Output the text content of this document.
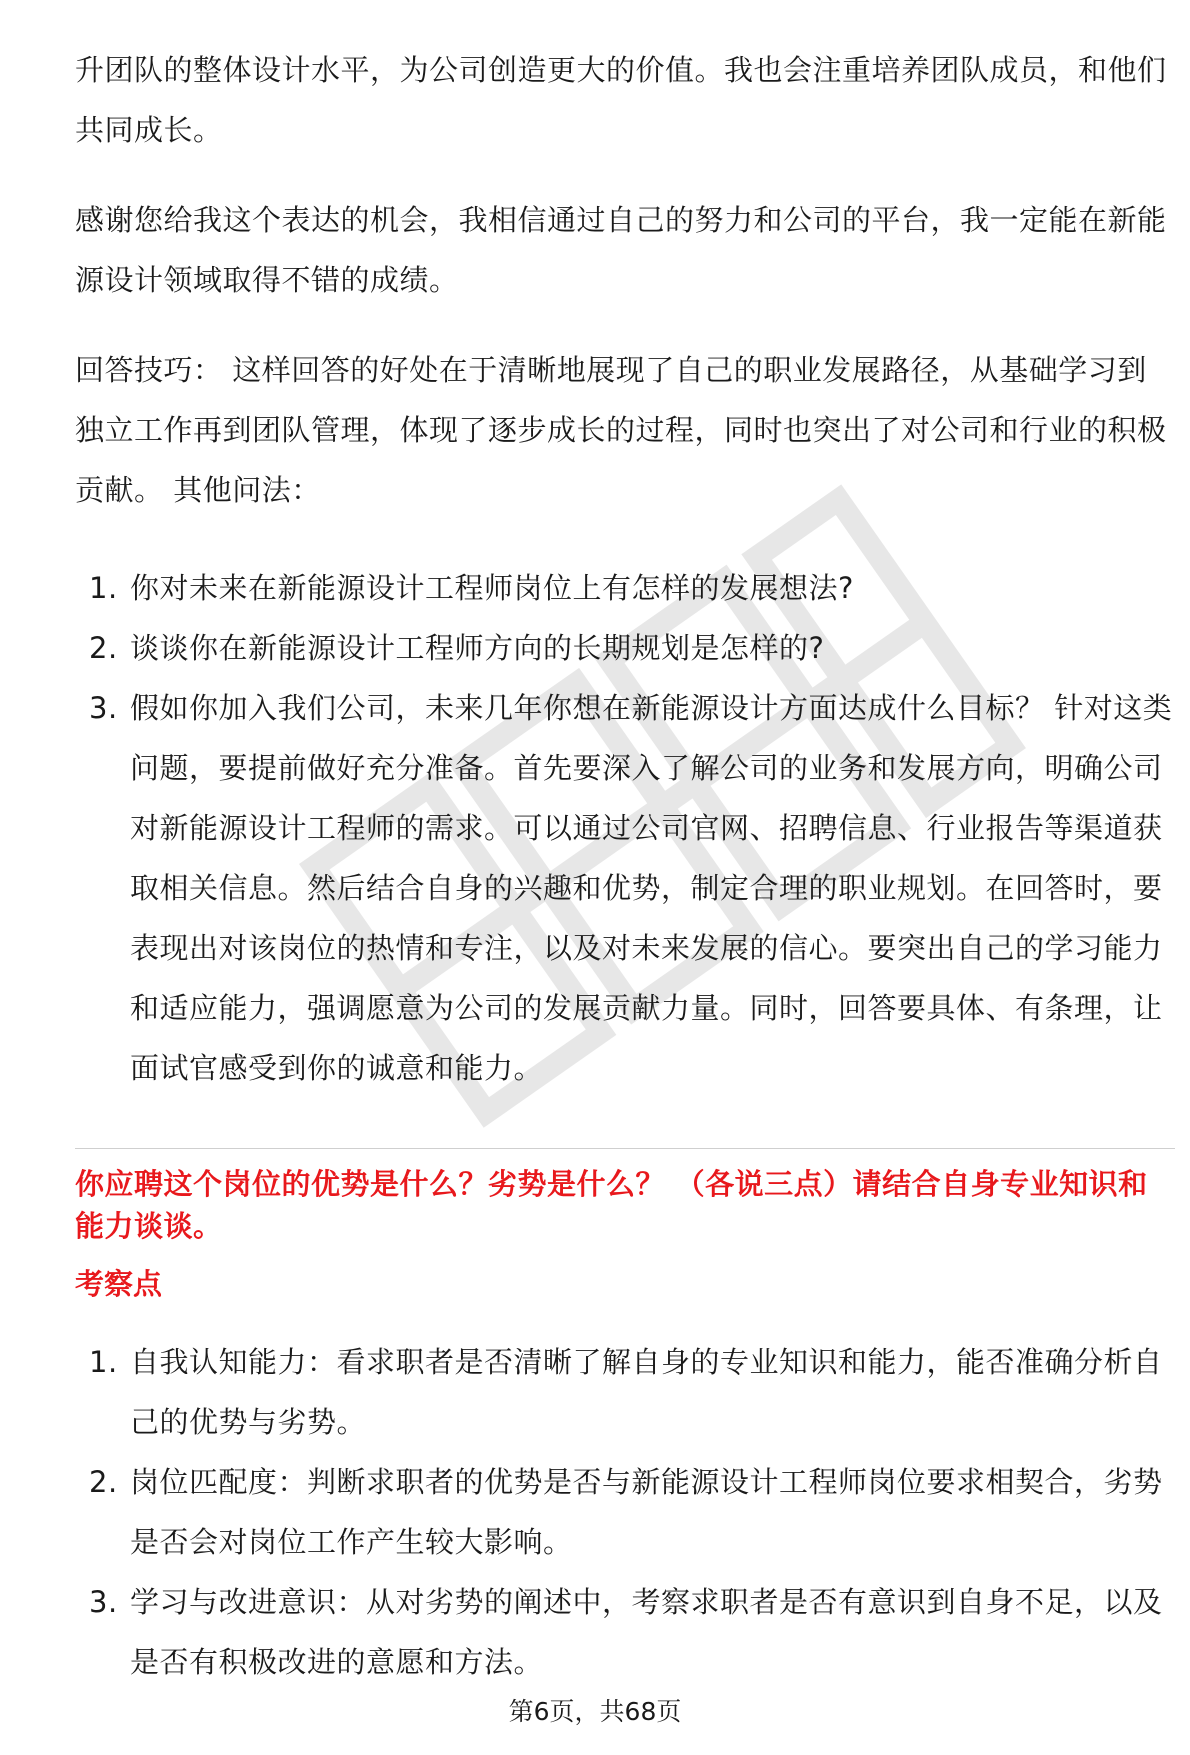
升团队的整体设计水平，为公司创造更大的价值。我也会注重培养团队成员，和他们共同成长。
感谢您给我这个表达的机会，我相信通过自己的努力和公司的平台，我一定能在新能源设计领域取得不错的成绩。
回答技巧： 这样回答的好处在于清晰地展现了自己的职业发展路径，从基础学习到独立工作再到团队管理，体现了逐步成长的过程，同时也突出了对公司和行业的积极贡献。 其他问法：
1. 你对未来在新能源设计工程师岗位上有怎样的发展想法?
2. 谈谈你在新能源设计工程师方向的长期规划是怎样的?
3. 假如你加入我们公司，未来几年你想在新能源设计方面达成什么目标？ 针对这类问题，要提前做好充分准备。首先要深入了解公司的业务和发展方向，明确公司对新能源设计工程师的需求。可以通过公司官网、招聘信息、行业报告等渠道获取相关信息。然后结合自身的兴趣和优势，制定合理的职业规划。在回答时，要表现出对该岗位的热情和专注，以及对未来发展的信心。要突出自己的学习能力和适应能力，强调愿意为公司的发展贡献力量。同时，回答要具体、有条理，让面试官感受到你的诚意和能力。
你应聘这个岗位的优势是什么？劣势是什么？ （各说三点）请结合自身专业知识和能力谈谈。
考察点
1. 自我认知能力：看求职者是否清晰了解自身的专业知识和能力，能否准确分析自己的优势与劣势。
2. 岗位匹配度：判断求职者的优势是否与新能源设计工程师岗位要求相契合，劣势是否会对岗位工作产生较大影响。
3. 学习与改进意识：从对劣势的阐述中，考察求职者是否有意识到自身不足，以及是否有积极改进的意愿和方法。
第6页，共68页
